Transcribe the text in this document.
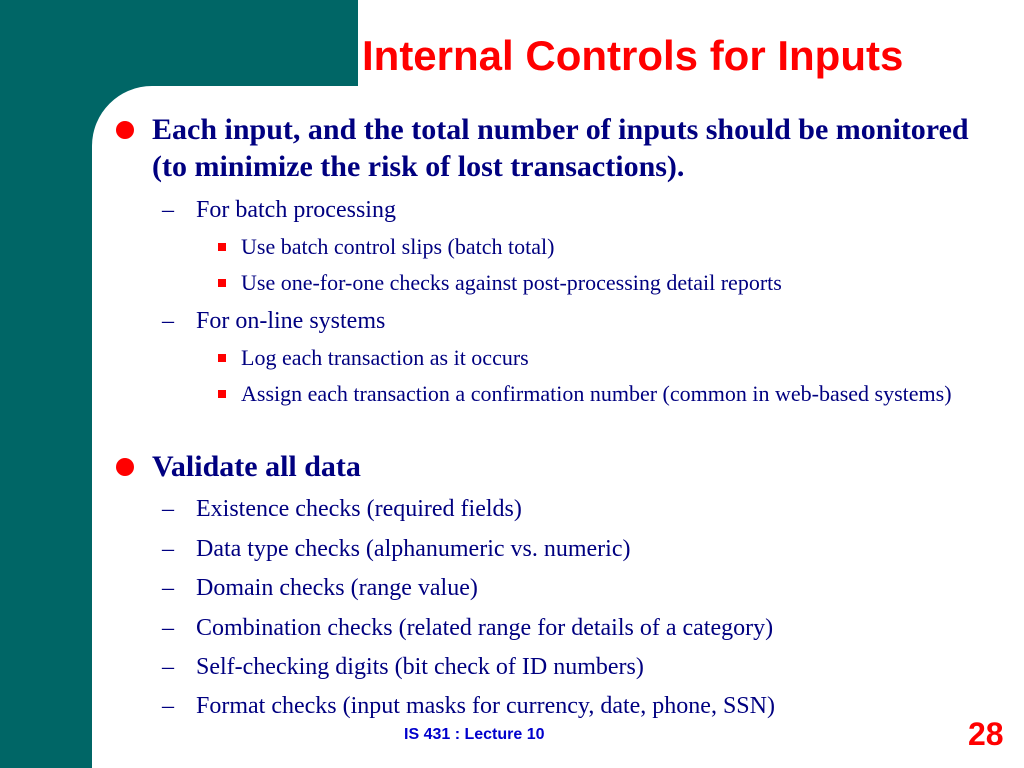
Internal Controls for Inputs
Each input, and the total number of inputs should be monitored (to minimize the risk of lost transactions).
– For batch processing
Use batch control slips (batch total)
Use one-for-one checks against post-processing detail reports
– For on-line systems
Log each transaction as it occurs
Assign each transaction a confirmation number (common in web-based systems)
Validate all data
– Existence checks (required fields)
– Data type checks (alphanumeric vs. numeric)
– Domain checks (range value)
– Combination checks (related range for details of a category)
– Self-checking digits (bit check of ID numbers)
– Format checks (input masks for currency, date, phone, SSN)

IS 431 : Lecture 10	28
